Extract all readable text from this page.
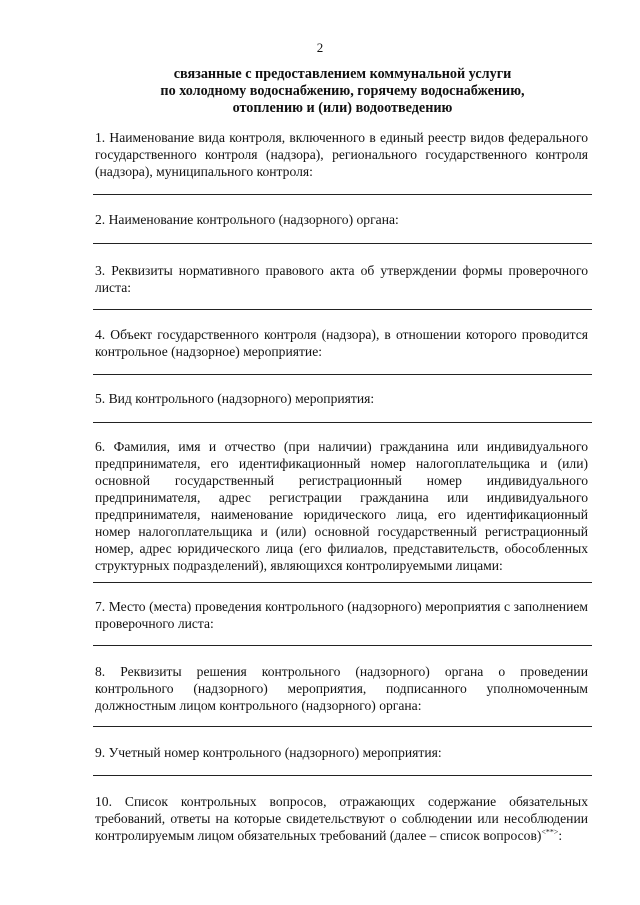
2
связанные с предоставлением коммунальной услуги
по холодному водоснабжению, горячему водоснабжению,
отоплению и (или) водоотведению
1. Наименование вида контроля, включенного в единый реестр видов федерального государственного контроля (надзора), регионального государственного контроля (надзора), муниципального контроля:
2. Наименование контрольного (надзорного) органа:
3. Реквизиты нормативного правового акта об утверждении формы проверочного листа:
4. Объект государственного контроля (надзора), в отношении которого проводится контрольное (надзорное) мероприятие:
5. Вид контрольного (надзорного) мероприятия:
6. Фамилия, имя и отчество (при наличии) гражданина или индивидуального предпринимателя, его идентификационный номер налогоплательщика и (или) основной государственный регистрационный номер индивидуального предпринимателя, адрес регистрации гражданина или индивидуального предпринимателя, наименование юридического лица, его идентификационный номер налогоплательщика и (или) основной государственный регистрационный номер, адрес юридического лица (его филиалов, представительств, обособленных структурных подразделений), являющихся контролируемыми лицами:
7. Место (места) проведения контрольного (надзорного) мероприятия с заполнением проверочного листа:
8. Реквизиты решения контрольного (надзорного) органа о проведении контрольного (надзорного) мероприятия, подписанного уполномоченным должностным лицом контрольного (надзорного) органа:
9. Учетный номер контрольного (надзорного) мероприятия:
10. Список контрольных вопросов, отражающих содержание обязательных требований, ответы на которые свидетельствуют о соблюдении или несоблюдении контролируемым лицом обязательных требований (далее – список вопросов)<**>:
